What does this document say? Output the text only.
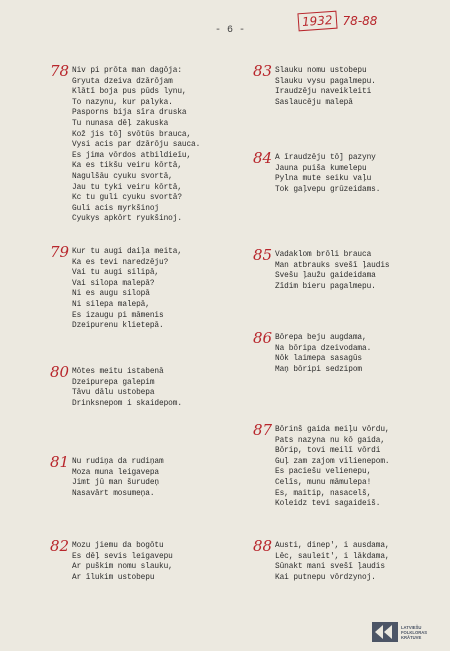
- 6 -
1932 78-88
78 Niv pi prōta man dagōja:
Gryuta dzeiva dzārōjam
Klātī boja pus pūds lynu,
To nazynu, kur palyka.
Pasporns bija sīra druska
Tu nunasa dēļ zakuska
Kož jis tō] svōtūs brauca,
Vysi acis par dzārōju sauca.
Es jima vōrdos atbildieīu,
Ka es tikšu veiru kōrtā,
Nagulšāu cyuku svortā,
Jau tu tyki veiru kōrtā,
Kc tu guli cyuku svortā?
Guli acis myrkšinoj
Cyukys apkōrt ryukšinoj.
79 Kur tu augi daiļa meita,
Ka es tevi naredzēju?
Vai tu augi silipā,
Vai silopa malepā?
Ni es augu silopā
Ni silepa malepā,
Es izaugu pi māmenis
Dzeipurenu klietepā.
80 Mōtes meitu istabenā
Dzeipurepa galepim
Tāvu dālu ustobepa
Drinksnepom i skaidepom.
81 Nu rudiņa da rudiņam
Moza muna leigavepa
Jimt jū man šurudeņ
Nasavārt mosumeņa.
82 Mozu jiemu da bogōtu
Es dēļ sevis leigavepu
Ar puškim nomu slauku,
Ar īlukim ustobepu
83 Slauku nomu ustobepu
Slauku vysu pagalmepu.
Iraudzēju naveikleiti
Saslaucēju malepā
84 A īraudzēju tō] pazyny
Jauna puiša kumelepu
Pylna mute seiku vaļu
Tok gaļvepu grūzeidams.
85 Vadaklom brōli brauca
Man atbrauks svešī ļaudis
Svešu ļaužu gaideidama
Zīdim bieru pagalmepu.
86 Bōrepa beju augdama,
Na bōripa dzeivodama.
Nōk laimepa sasagūs
Maņ bōripi sedzipom
87 Bōrinš gaida meiļu vōrdu,
Pats nazyna nu kō gaida,
Bōrip, tovi meilī vōrdi
Guļ zam zajom vilienepom.
Es paciešu velienepu,
Celīs, munu māmulepa!
Es, maitip, nasacelš,
Koleidz tevi sagaideiš.
88 Austi, dinep', i ausdama,
Lēc, sauleit', i lākdama,
Sūnakt mani svešī ļaudis
Kai putnepu vōrdzynoj.
LATVIEŠU
FOLKLORAS
KRĀTUVE
